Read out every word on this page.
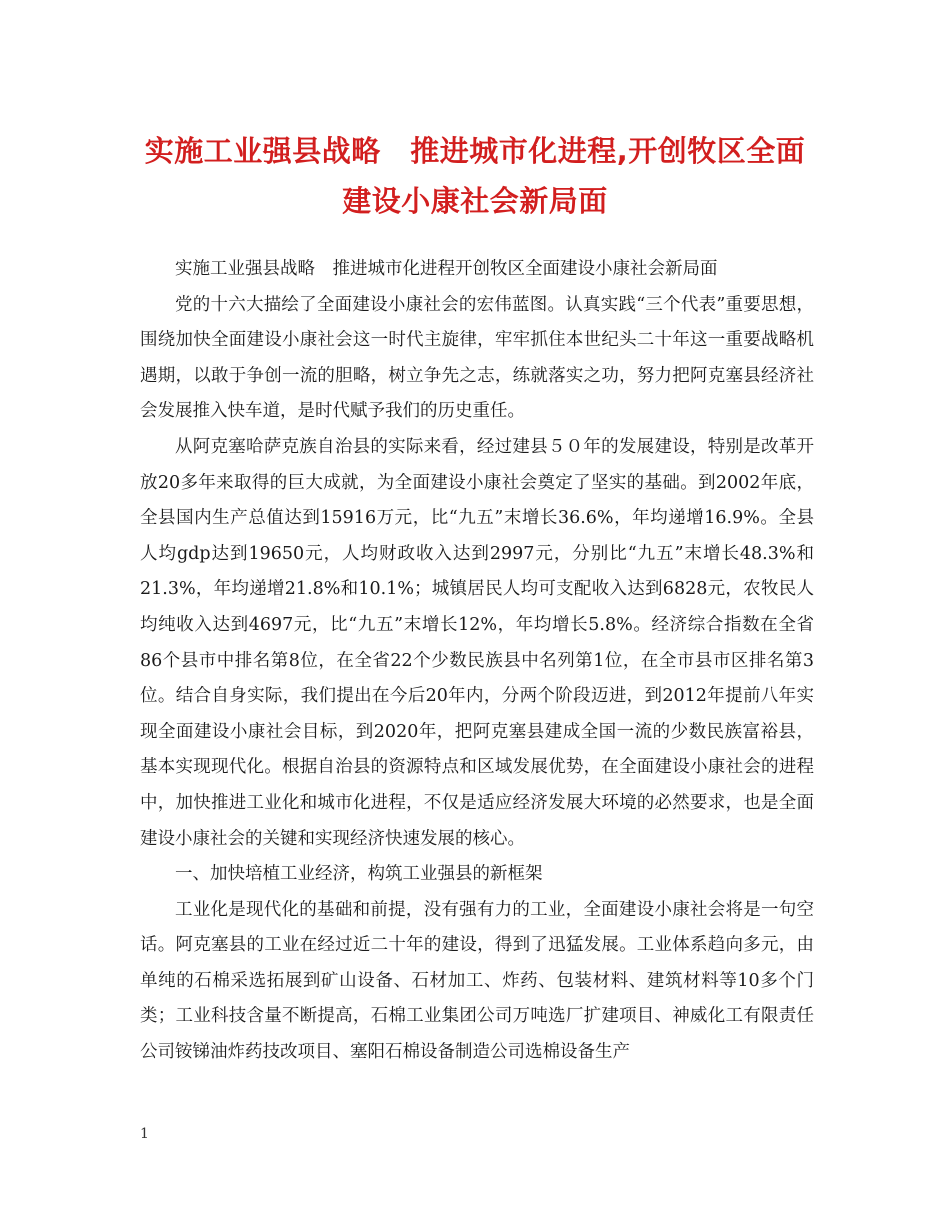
实施工业强县战略　推进城市化进程,开创牧区全面建设小康社会新局面

实施工业强县战略　推进城市化进程开创牧区全面建设小康社会新局面

党的十六大描绘了全面建设小康社会的宏伟蓝图。认真实践“三个代表”重要思想，围绕加快全面建设小康社会这一时代主旋律，牢牢抓住本世纪头二十年这一重要战略机遇期，以敢于争创一流的胆略，树立争先之志，练就落实之功，努力把阿克塞县经济社会发展推入快车道，是时代赋予我们的历史重任。

从阿克塞哈萨克族自治县的实际来看，经过建县５０年的发展建设，特别是改革开放20多年来取得的巨大成就，为全面建设小康社会奠定了坚实的基础。到2002年底，全县国内生产总值达到15916万元，比“九五”末增长36.6%，年均递增16.9%。全县人均gdp达到19650元，人均财政收入达到2997元，分别比“九五”末增长48.3%和21.3%，年均递增21.8%和10.1%；城镇居民人均可支配收入达到6828元，农牧民人均纯收入达到4697元，比“九五”末增长12%，年均增长5.8%。经济综合指数在全省86个县市中排名第8位，在全省22个少数民族县中名列第1位，在全市县市区排名第3位。结合自身实际，我们提出在今后20年内，分两个阶段迈进，到2012年提前八年实现全面建设小康社会目标，到2020年，把阿克塞县建成全国一流的少数民族富裕县，基本实现现代化。根据自治县的资源特点和区域发展优势，在全面建设小康社会的进程中，加快推进工业化和城市化进程，不仅是适应经济发展大环境的必然要求，也是全面建设小康社会的关键和实现经济快速发展的核心。

一、加快培植工业经济，构筑工业强县的新框架

工业化是现代化的基础和前提，没有强有力的工业，全面建设小康社会将是一句空话。阿克塞县的工业在经过近二十年的建设，得到了迅猛发展。工业体系趋向多元，由单纯的石棉采选拓展到矿山设备、石材加工、炸药、包装材料、建筑材料等10多个门类；工业科技含量不断提高，石棉工业集团公司万吨选厂扩建项目、神威化工有限责任公司铵锑油炸药技改项目、塞阳石棉设备制造公司选棉设备生产

1
